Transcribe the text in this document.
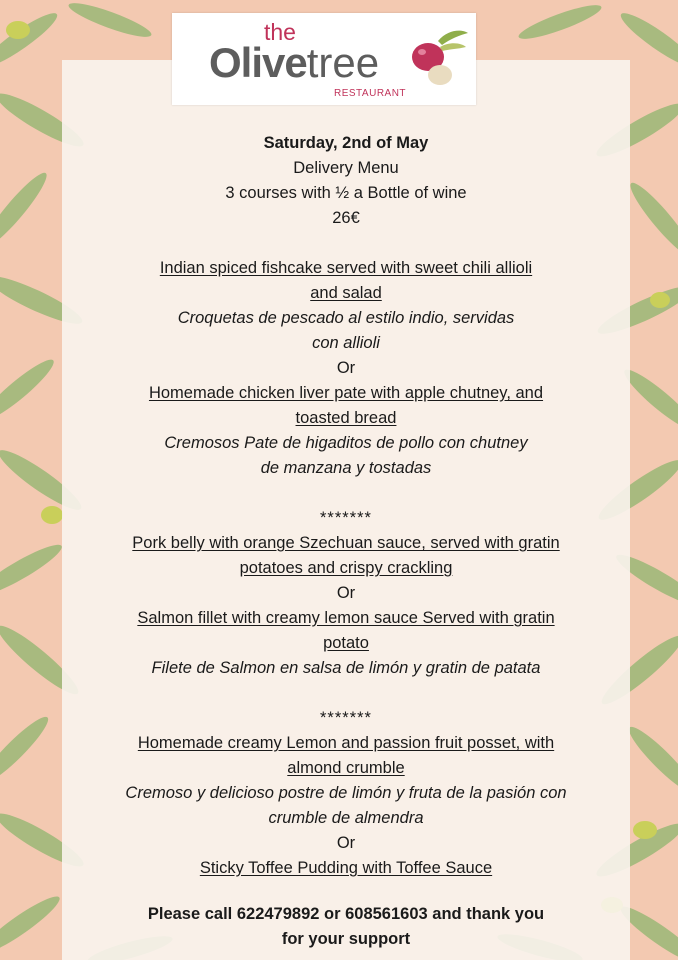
the
Olivetree
RESTAURANT
Saturday, 2nd of May
Delivery Menu
3 courses with ½ a Bottle of wine
26€
Indian spiced fishcake served with sweet chili allioli
and salad
Croquetas de pescado al estilo indio, servidas
con allioli
Or
Homemade chicken liver pate with apple chutney, and
toasted bread
Cremosos Pate de higaditos de pollo con chutney
de manzana y tostadas
*******
Pork belly with orange Szechuan sauce, served with gratin
potatoes and crispy crackling
Or
Salmon fillet with creamy lemon sauce Served with gratin
potato
Filete de Salmon en salsa de limón y gratin de patata
*******
Homemade creamy Lemon and passion fruit posset, with
almond crumble
Cremoso y delicioso postre de limón y fruta de la pasión con
crumble de almendra
Or
Sticky Toffee Pudding with Toffee Sauce
Please call 622479892 or 608561603 and thank you
for your support
